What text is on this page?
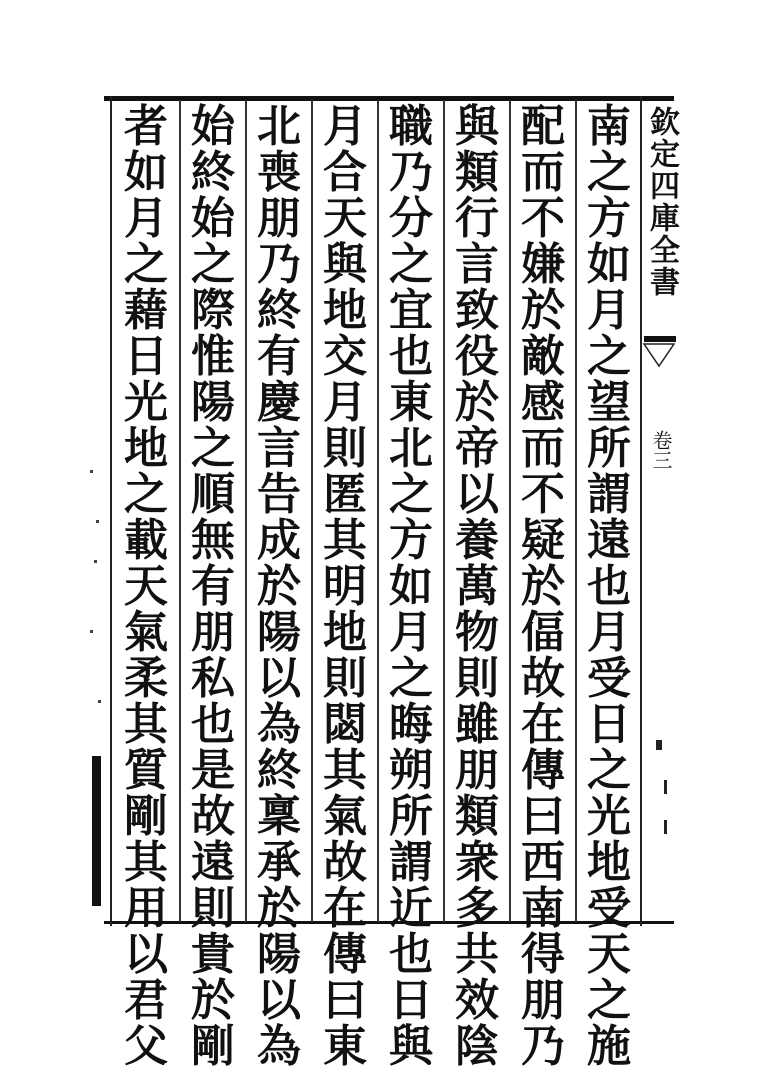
南
之
方
如
月
之
望
所
謂
遠
也
月
受
日
之
光
地
受
天
之
施
配
而
不
嫌
於
敵
感
而
不
疑
於
偪
故
在
傳
曰
西
南
得
朋
乃
與
類
行
言
致
役
於
帝
以
養
萬
物
則
雖
朋
類
衆
多
共
效
陰
職
乃
分
之
宜
也
東
北
之
方
如
月
之
晦
朔
所
謂
近
也
日
與
月
合
天
與
地
交
月
則
匿
其
明
地
則
閟
其
氣
故
在
傳
曰
東
北
喪
朋
乃
終
有
慶
言
告
成
於
陽
以
為
終
稟
承
於
陽
以
為
始
終
始
之
際
惟
陽
之
順
無
有
朋
私
也
是
故
遠
則
貴
於
剛
者
如
月
之
藉
日
光
地
之
載
天
氣
柔
其
質
剛
其
用
以
君
父
欽定四庫全書
卷三
